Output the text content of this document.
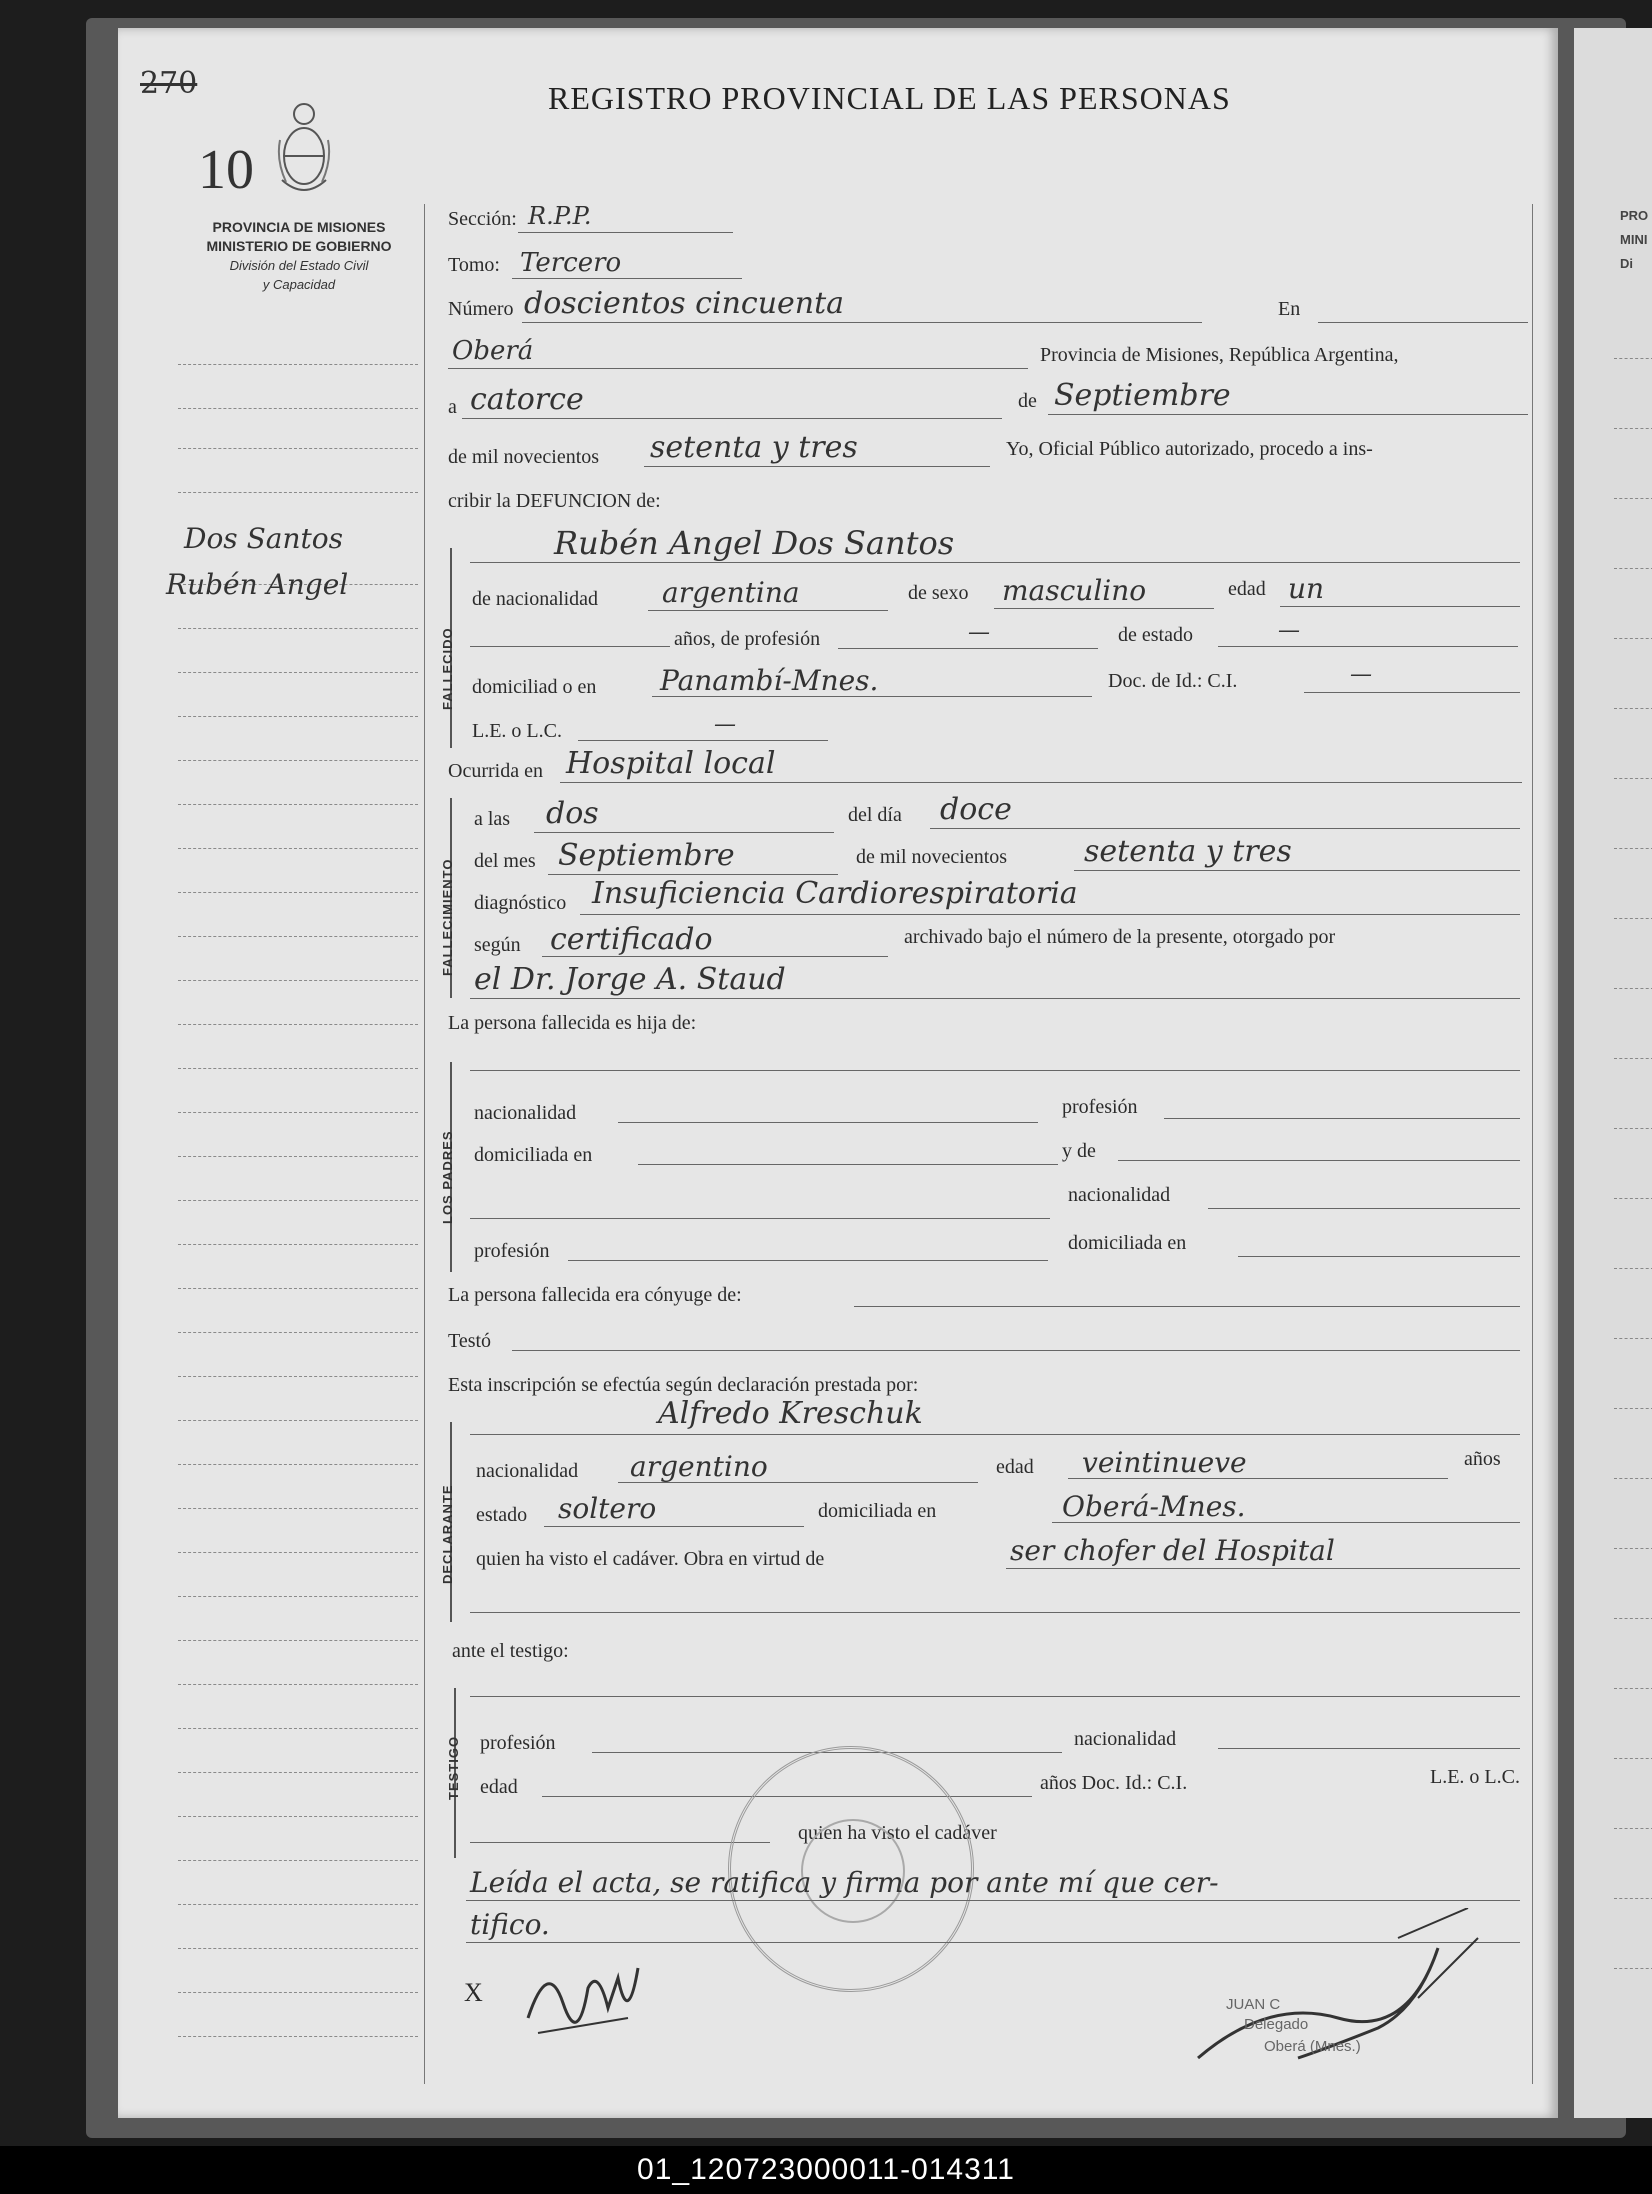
270
10
REGISTRO PROVINCIAL DE LAS PERSONAS
PROVINCIA DE MISIONES
MINISTERIO DE GOBIERNO
División del Estado Civil
y Capacidad
Dos Santos
Rubén Angel
Sección: R.P.P.
Tomo: Tercero
Número doscientos cincuenta	En
Oberá	Provincia de Misiones, República Argentina,
a catorce	de Septiembre
de mil novecientos setenta y tres	Yo, Oficial Público autorizado, procedo a ins-
cribir la DEFUNCION de:
FALLECIDO
Rubén Angel Dos Santos
de nacionalidad argentina	de sexo masculino	edad un
años, de profesión	—	de estado	—
domiciliad o en Panambí-Mnes.	Doc. de Id.: C.I.	—
L.E. o L.C.	—
Ocurrida en Hospital local
FALLECIMIENTO
a las dos	del día doce
del mes Septiembre	de mil novecientos	setenta y tres
diagnóstico Insuficiencia Cardiorespiratoria
según certificado	archivado bajo el número de la presente, otorgado por
el Dr. Jorge A. Staud
La persona fallecida es hija de:
LOS PADRES
nacionalidad	profesión
domiciliada en	y de
nacionalidad
profesión	domiciliada en
La persona fallecida era cónyuge de:
Testó
Esta inscripción se efectúa según declaración prestada por:
DECLARANTE
Alfredo Kreschuk
nacionalidad argentino	edad veintinueve	años
estado soltero	domiciliada en	Oberá-Mnes.
quien ha visto el cadáver. Obra en virtud de	ser chofer del Hospital
ante el testigo:
TESTIGO profesión	nacionalidad
edad	años Doc. Id.: C.I.	L.E. o L.C.
quien ha visto el cadáver
Leída el acta, se ratifica y firma por ante mí que cer-
tifico.
X	JUAN C
Delegado
Oberá (Mnes.)
PRO
MINI
Di
01_120723000011-014311
